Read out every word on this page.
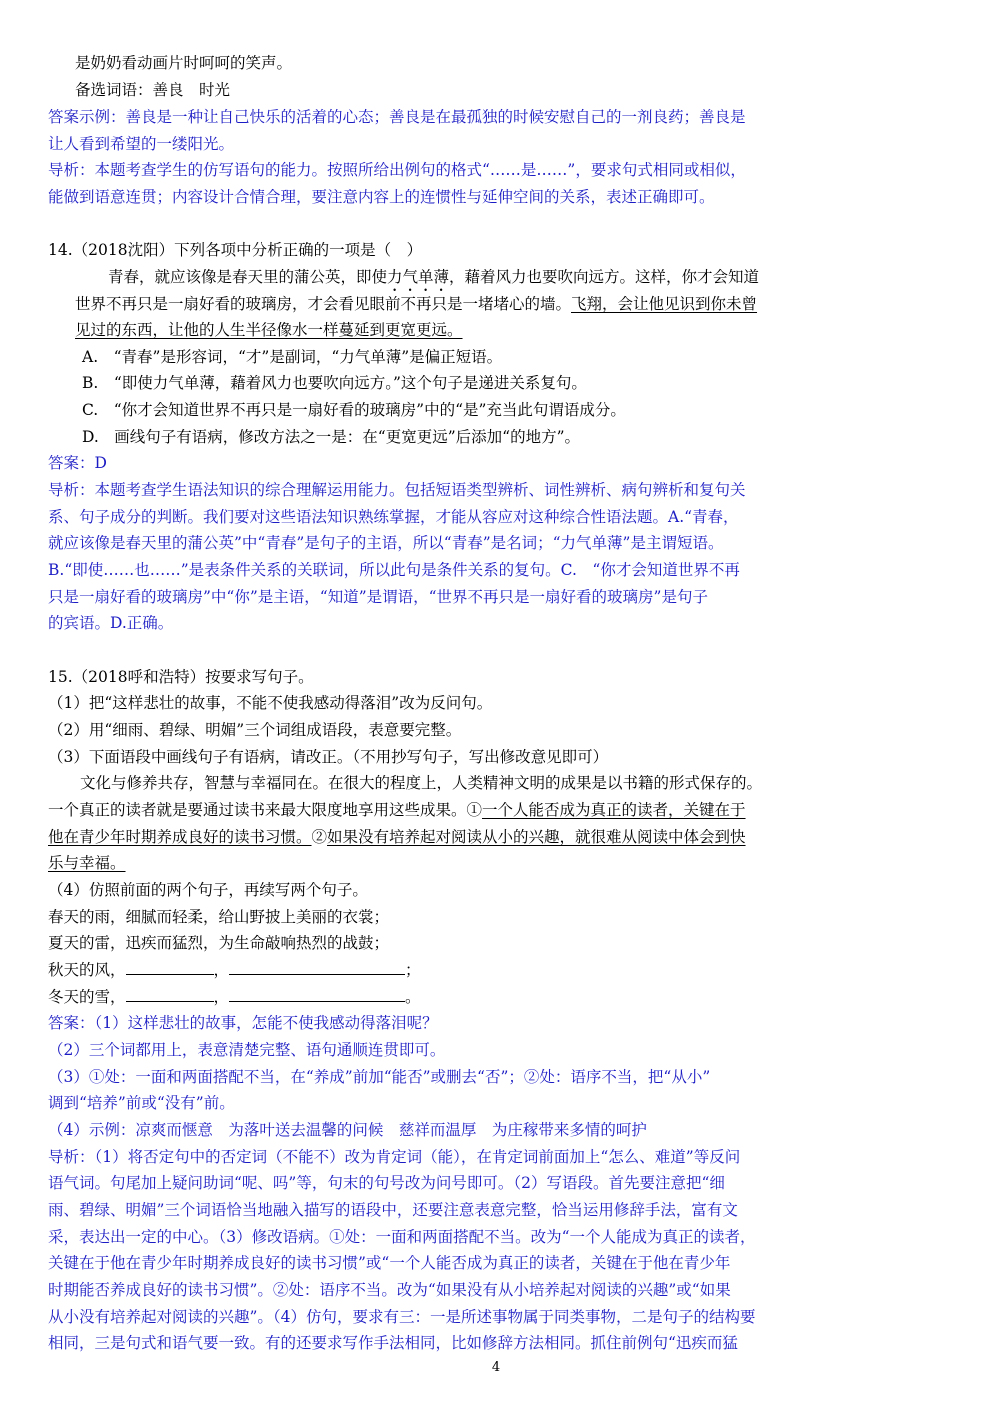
是奶奶看动画片时呵呵的笑声。
备选词语：善良　时光
答案示例：善良是一种让自己快乐的活着的心态；善良是在最孤独的时候安慰自己的一剂良药；善良是
让人看到希望的一缕阳光。
导析：本题考查学生的仿写语句的能力。按照所给出例句的格式“……是……”，要求句式相同或相似，
能做到语意连贯；内容设计合情合理，要注意内容上的连惯性与延伸空间的关系，表述正确即可。
14.（2018沈阳）下列各项中分析正确的一项是（　）
青春，就应该像是春天里的蒲公英，即使力气单薄，藉着风力也要吹向远方。这样，你才会知道
世界不再只是一扇好看的玻璃房，才会看见眼前不再只是一堵堵心的墙。飞翔，会让他见识到你未曾
见过的东西，让他的人生半径像水一样蔓延到更宽更远。
A.　“青春”是形容词，“才”是副词，“力气单薄”是偏正短语。
B.　“即使力气单薄，藉着风力也要吹向远方。”这个句子是递进关系复句。
C.　“你才会知道世界不再只是一扇好看的玻璃房”中的“是”充当此句谓语成分。
D.　画线句子有语病，修改方法之一是：在“更宽更远”后添加“的地方”。
答案：D
导析：本题考查学生语法知识的综合理解运用能力。包括短语类型辨析、词性辨析、病句辨析和复句关
系、句子成分的判断。我们要对这些语法知识熟练掌握，才能从容应对这种综合性语法题。A.“青春，
就应该像是春天里的蒲公英”中“青春”是句子的主语，所以“青春”是名词；“力气单薄”是主谓短语。
B.“即使……也……”是表条件关系的关联词，所以此句是条件关系的复句。C.　“你才会知道世界不再
只是一扇好看的玻璃房”中“你”是主语，“知道”是谓语，“世界不再只是一扇好看的玻璃房”是句子
的宾语。D.正确。
15.（2018呼和浩特）按要求写句子。
（1）把“这样悲壮的故事，不能不使我感动得落泪”改为反问句。
（2）用“细雨、碧绿、明媚”三个词组成语段，表意要完整。
（3）下面语段中画线句子有语病，请改正。（不用抄写句子，写出修改意见即可）
文化与修养共存，智慧与幸福同在。在很大的程度上，人类精神文明的成果是以书籍的形式保存的。
一个真正的读者就是要通过读书来最大限度地享用这些成果。①一个人能否成为真正的读者，关键在于
他在青少年时期养成良好的读书习惯。②如果没有培养起对阅读从小的兴趣，就很难从阅读中体会到快
乐与幸福。
（4）仿照前面的两个句子，再续写两个句子。
春天的雨，细腻而轻柔，给山野披上美丽的衣裳；
夏天的雷，迅疾而猛烈，为生命敲响热烈的战鼓；
秋天的风，	，	；
冬天的雪，	，	。
答案：（1）这样悲壮的故事，怎能不使我感动得落泪呢？
（2）三个词都用上，表意清楚完整、语句通顺连贯即可。
（3）①处：一面和两面搭配不当，在“养成”前加“能否”或删去“否”；②处：语序不当，把“从小”
调到“培养”前或“没有”前。
（4）示例：凉爽而惬意　为落叶送去温馨的问候　慈祥而温厚　为庄稼带来多情的呵护
导析：（1）将否定句中的否定词（不能不）改为肯定词（能），在肯定词前面加上“怎么、难道”等反问
语气词。句尾加上疑问助词“呢、吗”等，句末的句号改为问号即可。（2）写语段。首先要注意把“细
雨、碧绿、明媚”三个词语恰当地融入描写的语段中，还要注意表意完整，恰当运用修辞手法，富有文
采，表达出一定的中心。（3）修改语病。①处：一面和两面搭配不当。改为“一个人能成为真正的读者，
关键在于他在青少年时期养成良好的读书习惯”或“一个人能否成为真正的读者，关键在于他在青少年
时期能否养成良好的读书习惯”。②处：语序不当。改为“如果没有从小培养起对阅读的兴趣”或“如果
从小没有培养起对阅读的兴趣”。（4）仿句，要求有三：一是所述事物属于同类事物，二是句子的结构要
相同，三是句式和语气要一致。有的还要求写作手法相同，比如修辞方法相同。抓住前例句“迅疾而猛
4
